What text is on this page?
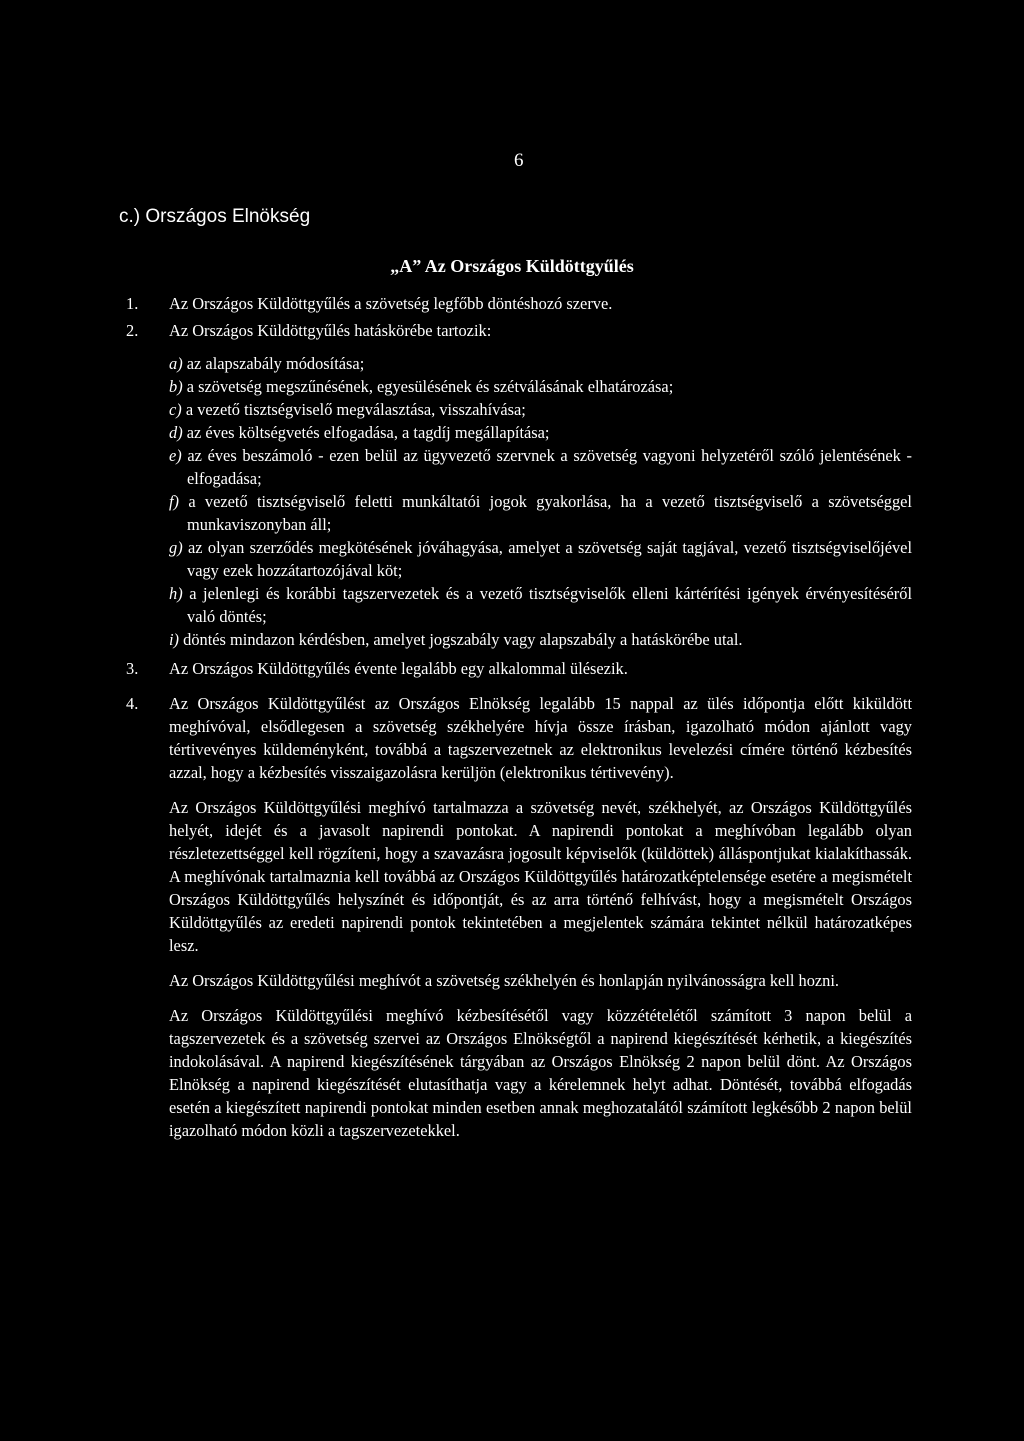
6
c.) Országos Elnökség
„A” Az Országos Küldöttgyűlés
1. Az Országos Küldöttgyűlés a szövetség legfőbb döntéshozó szerve.
2. Az Országos Küldöttgyűlés hatáskörébe tartozik:
a) az alapszabály módosítása;
b) a szövetség megszűnésének, egyesülésének és szétválásának elhatározása;
c) a vezető tisztségviselő megválasztása, visszahívása;
d) az éves költségvetés elfogadása, a tagdíj megállapítása;
e) az éves beszámoló - ezen belül az ügyvezető szervnek a szövetség vagyoni helyzetéről szóló jelentésének - elfogadása;
f) a vezető tisztségviselő feletti munkáltatói jogok gyakorlása, ha a vezető tisztségviselő a szövetséggel munkaviszonyban áll;
g) az olyan szerződés megkötésének jóváhagyása, amelyet a szövetség saját tagjával, vezető tisztségviselőjével vagy ezek hozzátartozójával köt;
h) a jelenlegi és korábbi tagszervezetek és a vezető tisztségviselők elleni kártérítési igények érvényesítéséről való döntés;
i) döntés mindazon kérdésben, amelyet jogszabály vagy alapszabály a hatáskörébe utal.
3. Az Országos Küldöttgyűlés évente legalább egy alkalommal ülésezik.
4. Az Országos Küldöttgyűlést az Országos Elnökség legalább 15 nappal az ülés időpontja előtt kiküldött meghívóval, elsődlegesen a szövetség székhelyére hívja össze írásban, igazolható módon ajánlott vagy tértivevényes küldeményként, továbbá a tagszervezetnek az elektronikus levelezési címére történő kézbesítés azzal, hogy a kézbesítés visszaigazolásra kerüljön (elektronikus tértivevény).
Az Országos Küldöttgyűlési meghívó tartalmazza a szövetség nevét, székhelyét, az Országos Küldöttgyűlés helyét, idejét és a javasolt napirendi pontokat. A napirendi pontokat a meghívóban legalább olyan részletezettséggel kell rögzíteni, hogy a szavazásra jogosult képviselők (küldöttek) álláspontjukat kialakíthassák. A meghívónak tartalmaznia kell továbbá az Országos Küldöttgyűlés határozatképtelensége esetére a megismételt Országos Küldöttgyűlés helyszínét és időpontját, és az arra történő felhívást, hogy a megismételt Országos Küldöttgyűlés az eredeti napirendi pontok tekintetében a megjelentek számára tekintet nélkül határozatképes lesz.
Az Országos Küldöttgyűlési meghívót a szövetség székhelyén és honlapján nyilvánosságra kell hozni.
Az Országos Küldöttgyűlési meghívó kézbesítésétől vagy közzétételétől számított 3 napon belül a tagszervezetek és a szövetség szervei az Országos Elnökségtől a napirend kiegészítését kérhetik, a kiegészítés indokolásával. A napirend kiegészítésének tárgyában az Országos Elnökség 2 napon belül dönt. Az Országos Elnökség a napirend kiegészítését elutasíthatja vagy a kérelemnek helyt adhat. Döntését, továbbá elfogadás esetén a kiegészített napirendi pontokat minden esetben annak meghozatalától számított legkésőbb 2 napon belül igazolható módon közli a tagszervezetekkel.
